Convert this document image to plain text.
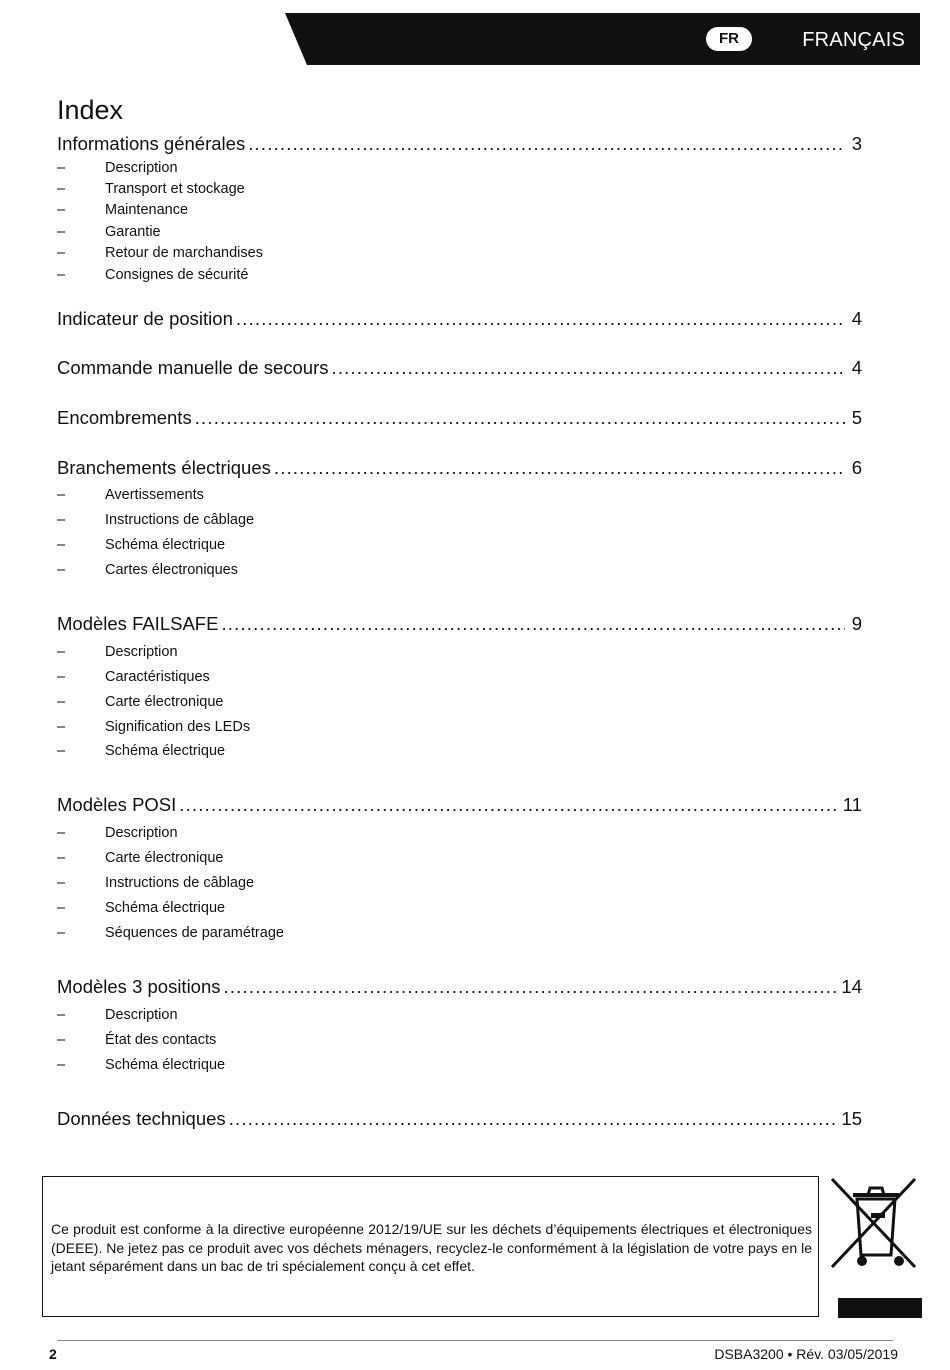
FR	FRANÇAIS
Index
Informations générales .....	3
–	Description
–	Transport et stockage
–	Maintenance
–	Garantie
–	Retour de marchandises
–	Consignes de sécurité
Indicateur de position .....	4
Commande manuelle de secours .....	4
Encombrements .....	5
Branchements électriques .....	6
–	Avertissements
–	Instructions de câblage
–	Schéma électrique
–	Cartes électroniques
Modèles FAILSAFE .....	9
–	Description
–	Caractéristiques
–	Carte électronique
–	Signification des LEDs
–	Schéma électrique
Modèles POSI .....	11
–	Description
–	Carte électronique
–	Instructions de câblage
–	Schéma électrique
–	Séquences de paramétrage
Modèles 3 positions .....	14
–	Description
–	État des contacts
–	Schéma électrique
Données techniques .....	15
Ce produit est conforme à la directive européenne 2012/19/UE sur les déchets d’équipements électriques et électroniques (DEEE). Ne jetez pas ce produit avec vos déchets ménagers, recyclez-le conformément à la législation de votre pays en le jetant séparément dans un bac de tri spécialement conçu à cet effet.
2	DSBA3200 • Rév. 03/05/2019
